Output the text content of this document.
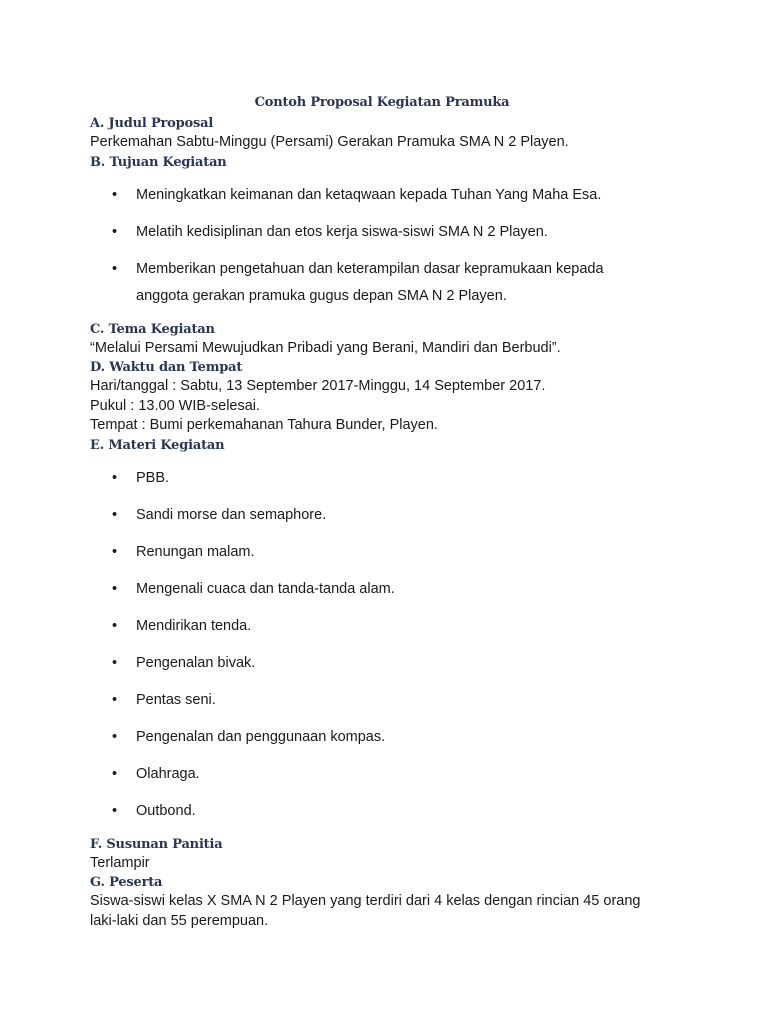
Contoh Proposal Kegiatan Pramuka
A. Judul Proposal
Perkemahan Sabtu-Minggu (Persami) Gerakan Pramuka SMA N 2 Playen.
B. Tujuan Kegiatan
• Meningkatkan keimanan dan ketaqwaan kepada Tuhan Yang Maha Esa.
• Melatih kedisiplinan dan etos kerja siswa-siswi SMA N 2 Playen.
• Memberikan pengetahuan dan keterampilan dasar kepramukaan kepada
anggota gerakan pramuka gugus depan SMA N 2 Playen.
C. Tema Kegiatan
“Melalui Persami Mewujudkan Pribadi yang Berani, Mandiri dan Berbudi”.
D. Waktu dan Tempat
Hari/tanggal : Sabtu, 13 September 2017-Minggu, 14 September 2017.
Pukul : 13.00 WIB-selesai.
Tempat : Bumi perkemahanan Tahura Bunder, Playen.
E. Materi Kegiatan
• PBB.
• Sandi morse dan semaphore.
• Renungan malam.
• Mengenali cuaca dan tanda-tanda alam.
• Mendirikan tenda.
• Pengenalan bivak.
• Pentas seni.
• Pengenalan dan penggunaan kompas.
• Olahraga.
• Outbond.
F. Susunan Panitia
Terlampir
G. Peserta
Siswa-siswi kelas X SMA N 2 Playen yang terdiri dari 4 kelas dengan rincian 45 orang laki-laki dan 55 perempuan.
